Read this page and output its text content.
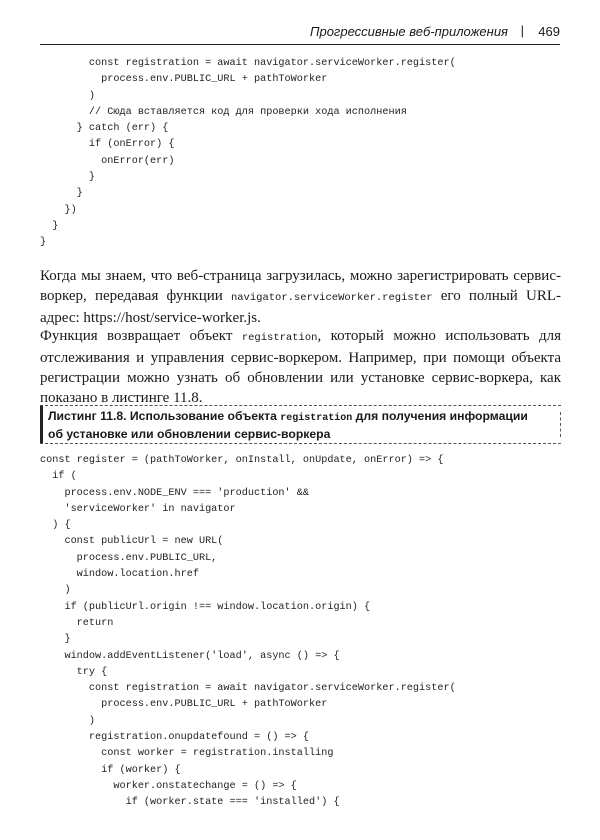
Прогрессивные веб-приложения | 469
const registration = await navigator.serviceWorker.register(
process.env.PUBLIC_URL + pathToWorker
)
// Сюда вставляется код для проверки хода исполнения
} catch (err) {
if (onError) {
onError(err)
}
}
})
}
}
Когда мы знаем, что веб-страница загрузилась, можно зарегистрировать сервис-воркер, передавая функции navigator.serviceWorker.register его полный URL-адрес: https://host/service-worker.js.
Функция возвращает объект registration, который можно использовать для отслеживания и управления сервис-воркером. Например, при помощи объекта регистрации можно узнать об обновлении или установке сервис-воркера, как показано в листинге 11.8.
Листинг 11.8. Использование объекта registration для получения информации об установке или обновлении сервис-воркера
const register = (pathToWorker, onInstall, onUpdate, onError) => {
if (
process.env.NODE_ENV === 'production' &&
'serviceWorker' in navigator
) {
const publicUrl = new URL(
process.env.PUBLIC_URL,
window.location.href
)
if (publicUrl.origin !== window.location.origin) {
return
}
window.addEventListener('load', async () => {
try {
const registration = await navigator.serviceWorker.register(
process.env.PUBLIC_URL + pathToWorker
)
registration.onupdatefound = () => {
const worker = registration.installing
if (worker) {
worker.onstatechange = () => {
if (worker.state === 'installed') {
